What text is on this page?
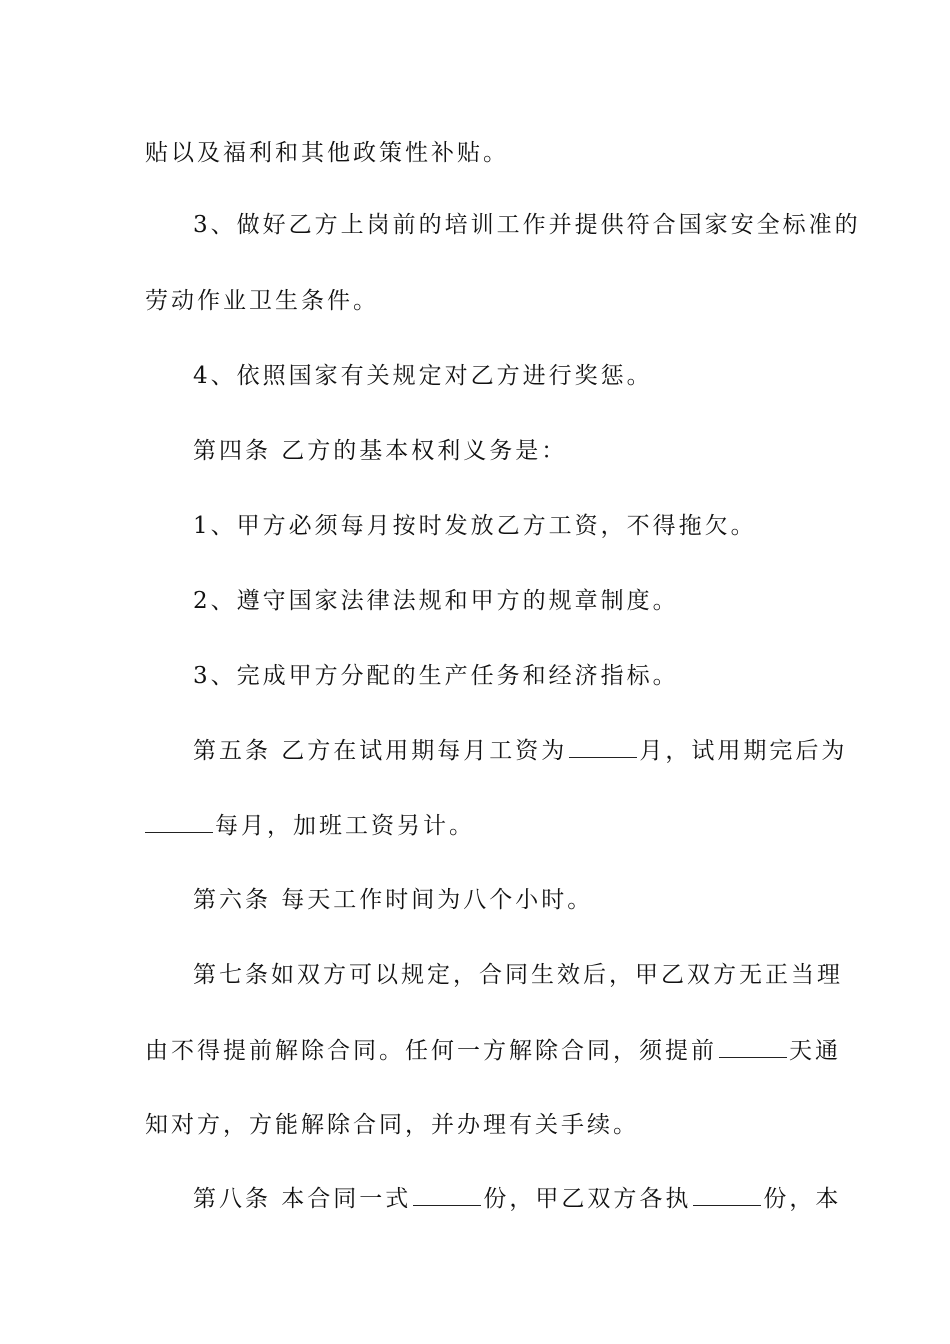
贴以及福利和其他政策性补贴。
3、做好乙方上岗前的培训工作并提供符合国家安全标准的
劳动作业卫生条件。
4、依照国家有关规定对乙方进行奖惩。
第四条 乙方的基本权利义务是：
1、甲方必须每月按时发放乙方工资，不得拖欠。
2、遵守国家法律法规和甲方的规章制度。
3、完成甲方分配的生产任务和经济指标。
第五条 乙方在试用期每月工资为	月，试用期完后为
每月，加班工资另计。
第六条 每天工作时间为八个小时。
第七条如双方可以规定，合同生效后，甲乙双方无正当理
由不得提前解除合同。任何一方解除合同，须提前	天通
知对方，方能解除合同，并办理有关手续。
第八条 本合同一式	份，甲乙双方各执	份，本
